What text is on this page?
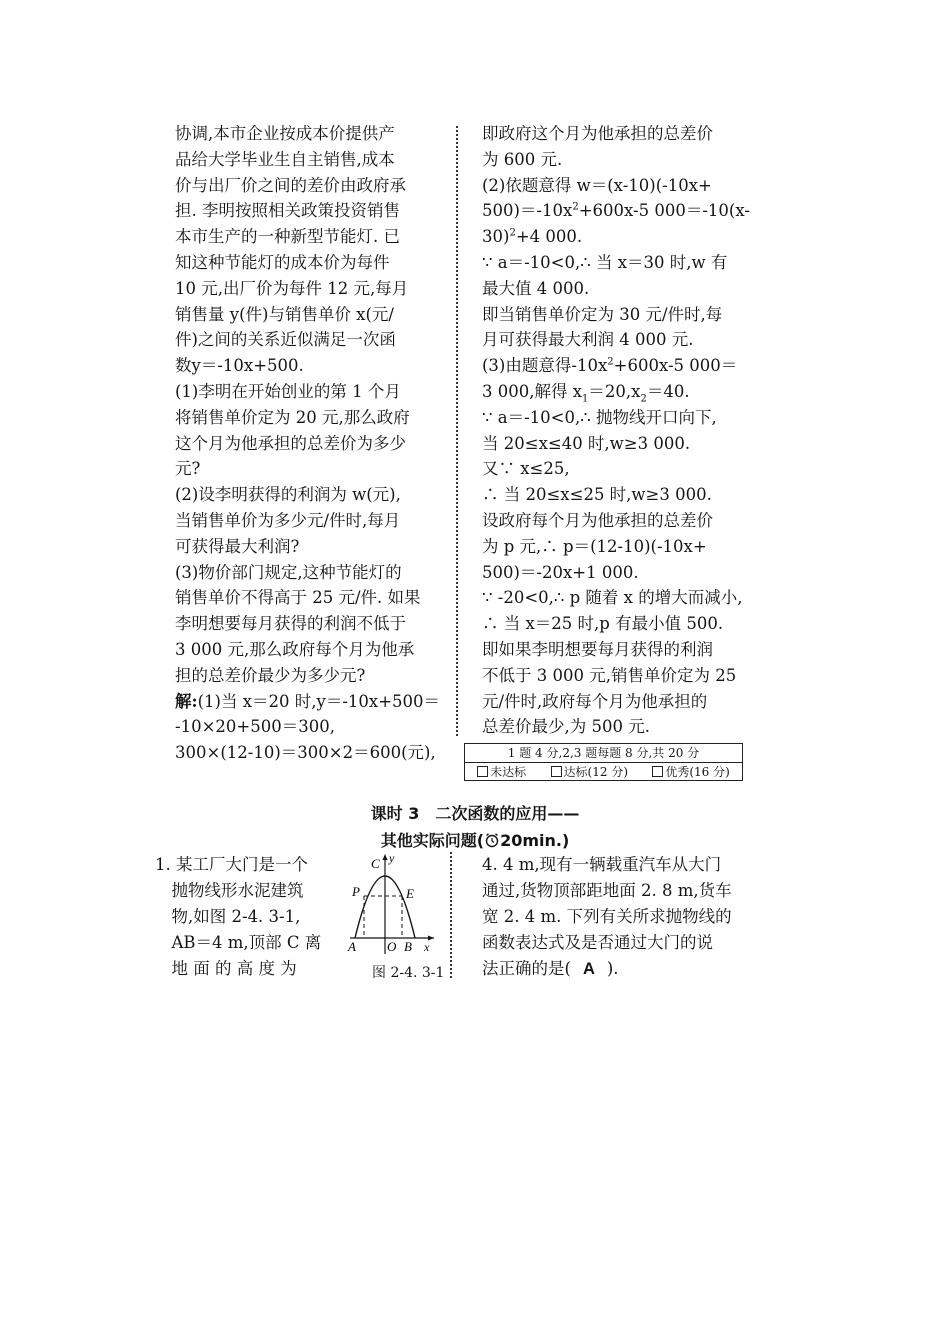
协调,本市企业按成本价提供产

品给大学毕业生自主销售,成本

价与出厂价之间的差价由政府承

担. 李明按照相关政策投资销售

本市生产的一种新型节能灯. 已

知这种节能灯的成本价为每件

10 元,出厂价为每件 12 元,每月

销售量 y(件)与销售单价 x(元/

件)之间的关系近似满足一次函

数y＝-10x+500.

(1)李明在开始创业的第 1 个月

将销售单价定为 20 元,那么政府

这个月为他承担的总差价为多少

元?

(2)设李明获得的利润为 w(元),

当销售单价为多少元/件时,每月

可获得最大利润?

(3)物价部门规定,这种节能灯的

销售单价不得高于 25 元/件. 如果

李明想要每月获得的利润不低于

3 000 元,那么政府每个月为他承

担的总差价最少为多少元?

解:(1)当 x＝20 时,y＝-10x+500＝

-10×20+500＝300,

300×(12-10)＝300×2＝600(元),

即政府这个月为他承担的总差价

为 600 元.

(2)依题意得 w＝(x-10)(-10x+

$500)=-10x^2+600x-5$ 000＝-10(x-

30)$^2$+4 000.

∵ a＝-10<0,∴ 当 x＝30 时,w 有

最大值 4 000.

即当销售单价定为 30 元/件时,每

月可获得最大利润 4 000 元.

(3)由题意得$-10x^2+600x-5$ 000＝

3 000,解得 $x_1=20,x_2=40$.

∵ a＝-10<0,∴ 抛物线开口向下,

当 20≤x≤40 时,w≥3 000.

又∵ x≤25,

∴ 当 20≤x≤25 时,w≥3 000.

设政府每个月为他承担的总差价

为 p 元,∴ p＝(12-10)(-10x+

500)＝-20x+1 000.

∵ -20<0,∴ p 随着 x 的增大而减小,

∴ 当 x＝25 时,p 有最小值 500.

即如果李明想要每月获得的利润

不低于 3 000 元,销售单价定为 25

元/件时,政府每个月为他承担的

总差价最少,为 500 元.

1 题 4 分,2,3 题每题 8 分,共 20 分
未达标	达标(12 分)	优秀(16 分)

课时 3　二次函数的应用——

其他实际问题( 20min.)

1. 某工厂大门是一个

　抛物线形水泥建筑

　物,如图 2-4. 3-1,

　AB＝4 m,顶部 C 离

　地 面 的 高 度 为

C y
P	E
A O B x
图 2-4. 3-1

4. 4 m,现有一辆载重汽车从大门

通过,货物顶部距地面 2. 8 m,货车

宽 2. 4 m. 下列有关所求抛物线的

函数表达式及是否通过大门的说

法正确的是( A ).
